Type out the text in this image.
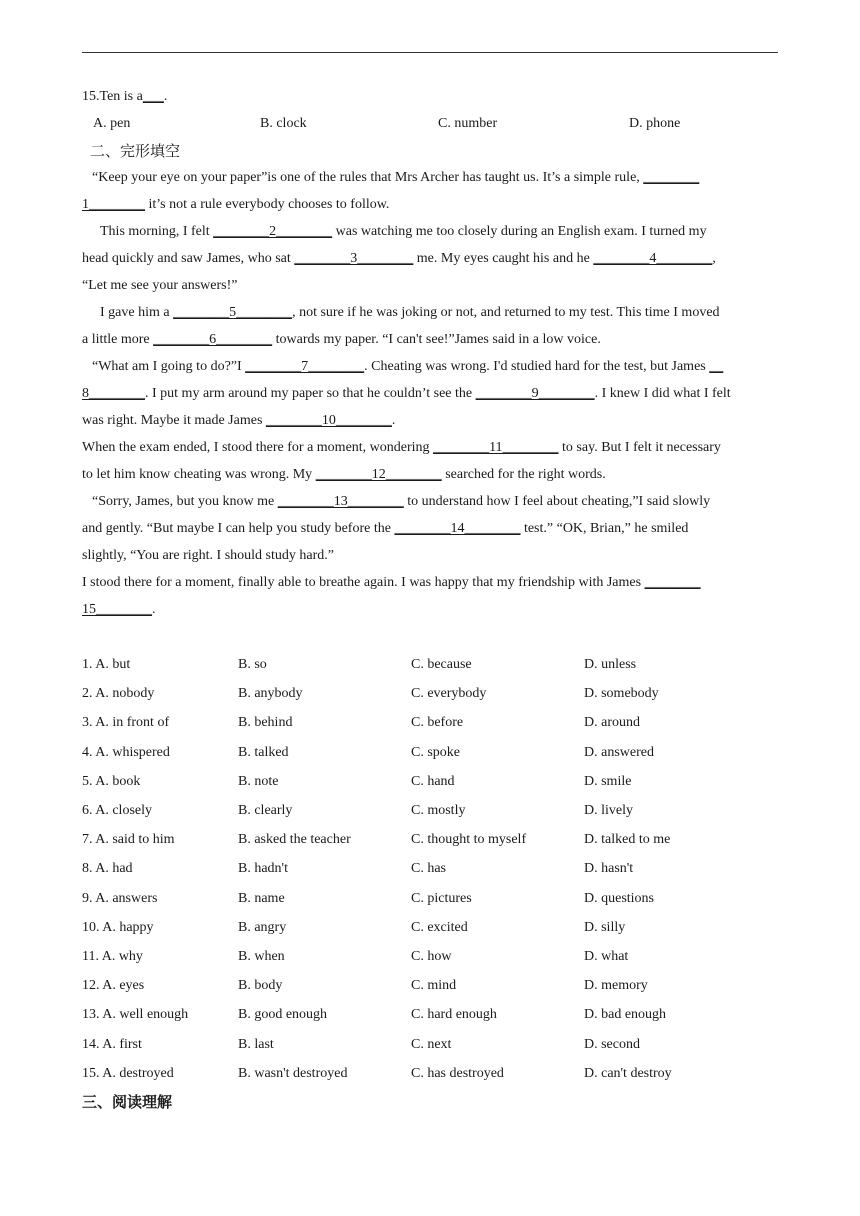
15.Ten is a___.
A. pen	B. clock	C. number	D. phone
二、完形填空
“Keep your eye on your paper”is one of the rules that Mrs Archer has taught us. It’s a simple rule, ________
1________ it’s not a rule everybody chooses to follow.
This morning, I felt ________2________ was watching me too closely during an English exam. I turned my
head quickly and saw James, who sat ________3________ me. My eyes caught his and he ________4________,
“Let me see your answers!”
I gave him a ________5________, not sure if he was joking or not, and returned to my test. This time I moved
a little more ________6________ towards my paper. “I can't see!”James said in a low voice.
“What am I going to do?”I ________7________. Cheating was wrong. I'd studied hard for the test, but James __
8________. I put my arm around my paper so that he couldn’t see the ________9________. I knew I did what I felt
was right. Maybe it made James ________10________.
When the exam ended, I stood there for a moment, wondering ________11________ to say. But I felt it necessary
to let him know cheating was wrong. My ________12________ searched for the right words.
“Sorry, James, but you know me ________13________ to understand how I feel about cheating,”I said slowly
and gently. “But maybe I can help you study before the ________14________ test.” “OK, Brian,” he smiled
slightly, “You are right. I should study hard.”
I stood there for a moment, finally able to breathe again. I was happy that my friendship with James ________
15________.
1. A. but	B. so	C. because	D. unless
2. A. nobody	B. anybody	C. everybody	D. somebody
3. A. in front of	B. behind	C. before	D. around
4. A. whispered	B. talked	C. spoke	D. answered
5. A. book	B. note	C. hand	D. smile
6. A. closely	B. clearly	C. mostly	D. lively
7. A. said to him	B. asked the teacher	C. thought to myself	D. talked to me
8. A. had	B. hadn't	C. has	D. hasn't
9. A. answers	B. name	C. pictures	D. questions
10. A. happy	B. angry	C. excited	D. silly
11. A. why	B. when	C. how	D. what
12. A. eyes	B. body	C. mind	D. memory
13. A. well enough	B. good enough	C. hard enough	D. bad enough
14. A. first	B. last	C. next	D. second
15. A. destroyed	B. wasn't destroyed	C. has destroyed	D. can't destroy
三、阅读理解
